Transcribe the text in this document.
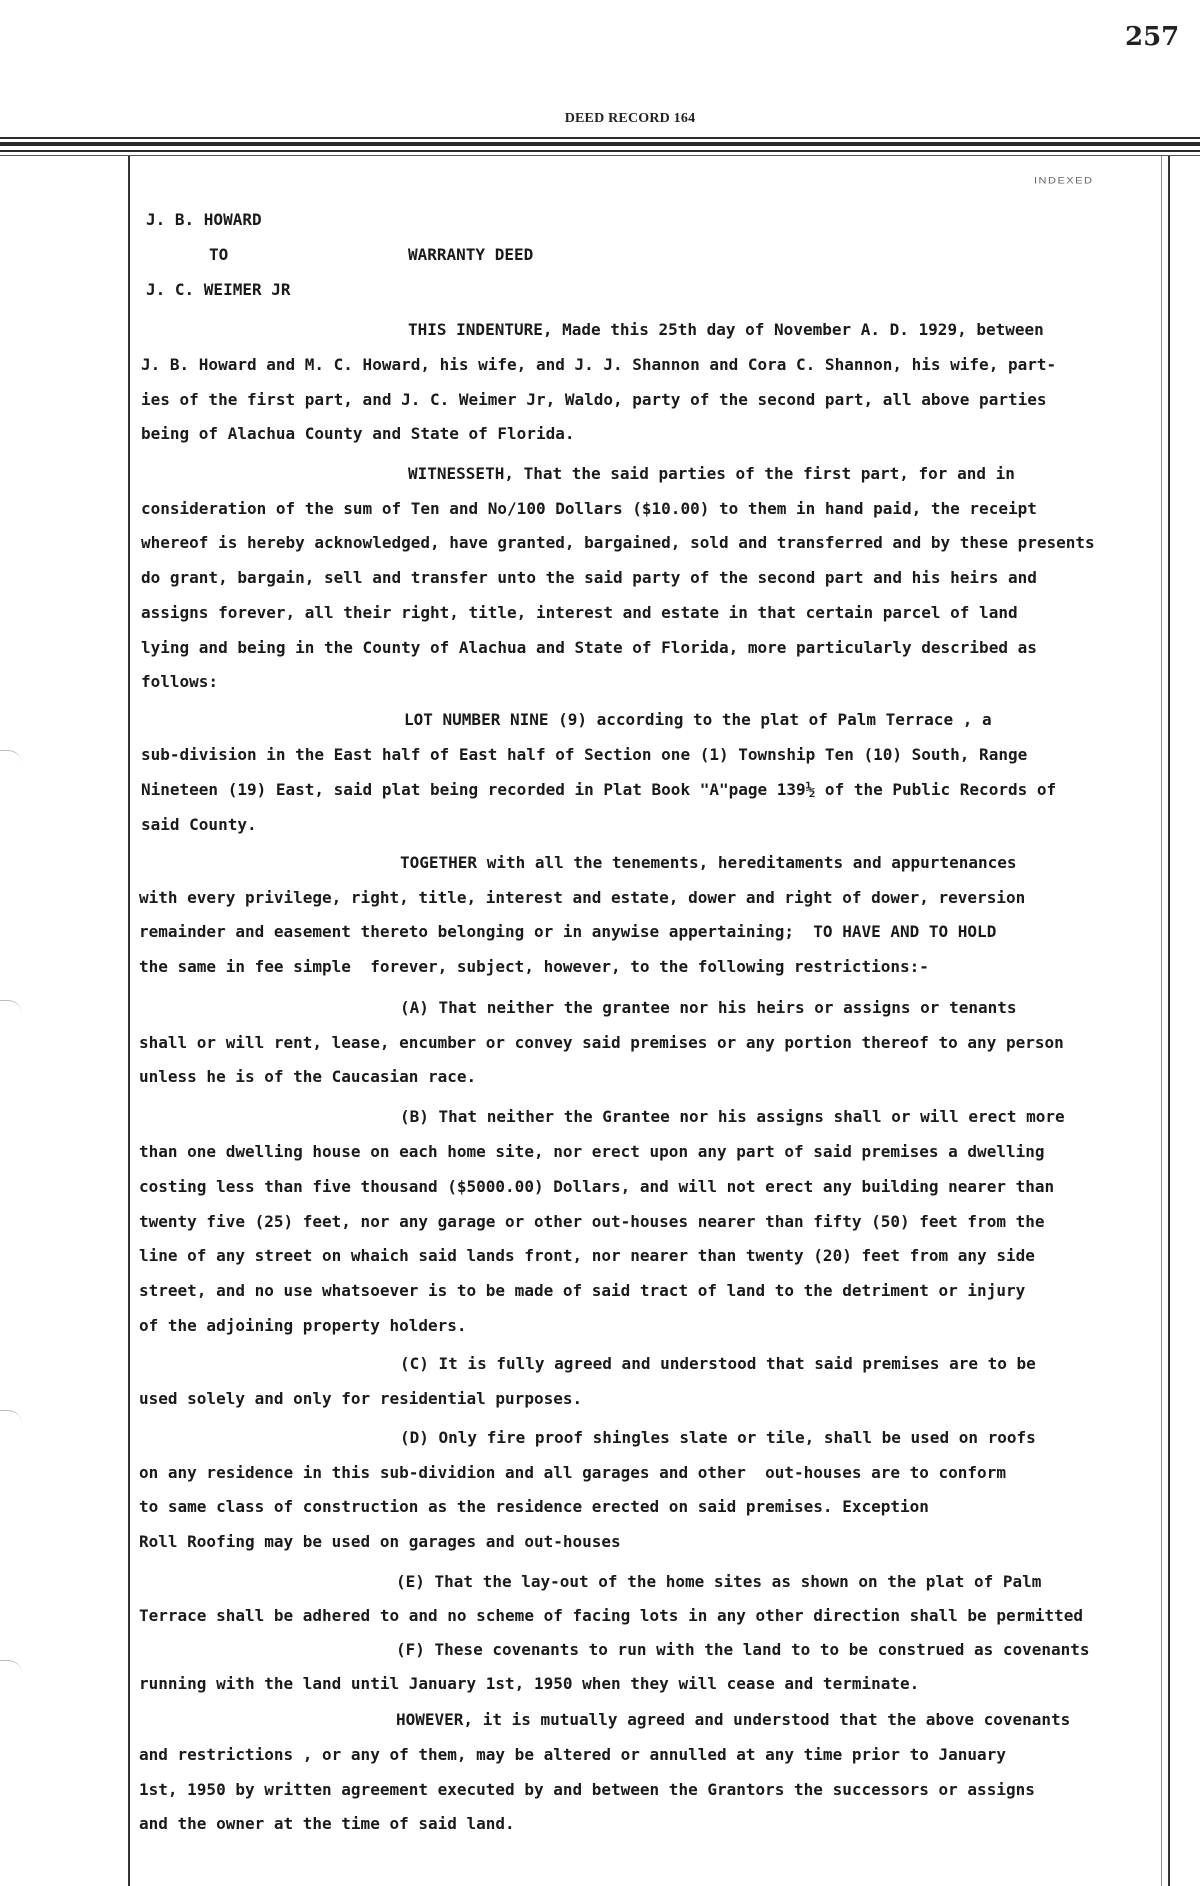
257
DEED RECORD 164
INDEXED
J. B. HOWARD
TO	WARRANTY DEED
J. C. WEIMER JR
THIS INDENTURE, Made this 25th day of November A. D. 1929, between
J. B. Howard and M. C. Howard, his wife, and J. J. Shannon and Cora C. Shannon, his wife, part-
ies of the first part, and J. C. Weimer Jr, Waldo, party of the second part, all above parties
being of Alachua County and State of Florida.
WITNESSETH, That the said parties of the first part, for and in
consideration of the sum of Ten and No/100 Dollars ($10.00) to them in hand paid, the receipt
whereof is hereby acknowledged, have granted, bargained, sold and transferred and by these presents
do grant, bargain, sell and transfer unto the said party of the second part and his heirs and
assigns forever, all their right, title, interest and estate in that certain parcel of land
lying and being in the County of Alachua and State of Florida, more particularly described as
follows:
LOT NUMBER NINE (9) according to the plat of Palm Terrace , a
sub-division in the East half of East half of Section one (1) Township Ten (10) South, Range
Nineteen (19) East, said plat being recorded in Plat Book "A"page 139½ of the Public Records of
said County.
TOGETHER with all the tenements, hereditaments and appurtenances
with every privilege, right, title, interest and estate, dower and right of dower, reversion
remainder and easement thereto belonging or in anywise appertaining;  TO HAVE AND TO HOLD
the same in fee simple  forever, subject, however, to the following restrictions:-
(A) That neither the grantee nor his heirs or assigns or tenants
shall or will rent, lease, encumber or convey said premises or any portion thereof to any person
unless he is of the Caucasian race.
(B) That neither the Grantee nor his assigns shall or will erect more
than one dwelling house on each home site, nor erect upon any part of said premises a dwelling
costing less than five thousand ($5000.00) Dollars, and will not erect any building nearer than
twenty five (25) feet, nor any garage or other out-houses nearer than fifty (50) feet from the
line of any street on whaich said lands front, nor nearer than twenty (20) feet from any side
street, and no use whatsoever is to be made of said tract of land to the detriment or injury
of the adjoining property holders.
(C) It is fully agreed and understood that said premises are to be
used solely and only for residential purposes.
(D) Only fire proof shingles slate or tile, shall be used on roofs
on any residence in this sub-dividion and all garages and other  out-houses are to conform
to same class of construction as the residence erected on said premises. Exception
Roll Roofing may be used on garages and out-houses
(E) That the lay-out of the home sites as shown on the plat of Palm
Terrace shall be adhered to and no scheme of facing lots in any other direction shall be permitted
(F) These covenants to run with the land to to be construed as covenants
running with the land until January 1st, 1950 when they will cease and terminate.
HOWEVER, it is mutually agreed and understood that the above covenants
and restrictions , or any of them, may be altered or annulled at any time prior to January
1st, 1950 by written agreement executed by and between the Grantors the successors or assigns
and the owner at the time of said land.
